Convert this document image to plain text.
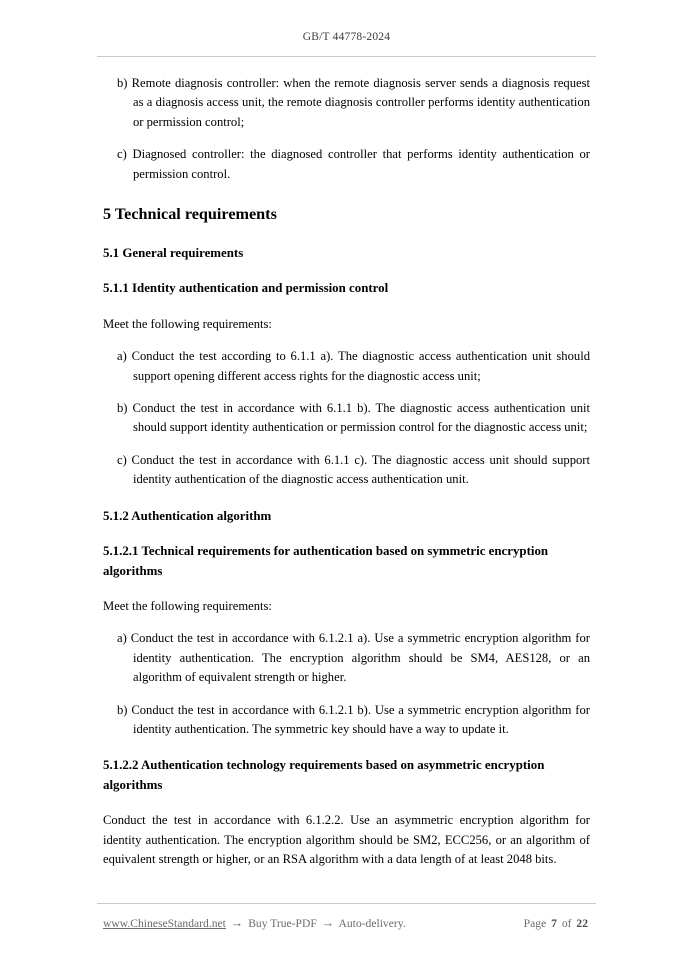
GB/T 44778-2024
b) Remote diagnosis controller: when the remote diagnosis server sends a diagnosis request as a diagnosis access unit, the remote diagnosis controller performs identity authentication or permission control;
c) Diagnosed controller: the diagnosed controller that performs identity authentication or permission control.
5 Technical requirements
5.1 General requirements
5.1.1 Identity authentication and permission control

Meet the following requirements:

a) Conduct the test according to 6.1.1 a). The diagnostic access authentication unit should support opening different access rights for the diagnostic access unit;
b) Conduct the test in accordance with 6.1.1 b). The diagnostic access authentication unit should support identity authentication or permission control for the diagnostic access unit;
c) Conduct the test in accordance with 6.1.1 c). The diagnostic access unit should support identity authentication of the diagnostic access authentication unit.
5.1.2 Authentication algorithm
5.1.2.1 Technical requirements for authentication based on symmetric encryption algorithms

Meet the following requirements:

a) Conduct the test in accordance with 6.1.2.1 a). Use a symmetric encryption algorithm for identity authentication. The encryption algorithm should be SM4, AES128, or an algorithm of equivalent strength or higher.
b) Conduct the test in accordance with 6.1.2.1 b). Use a symmetric encryption algorithm for identity authentication. The symmetric key should have a way to update it.
5.1.2.2 Authentication technology requirements based on asymmetric encryption algorithms

Conduct the test in accordance with 6.1.2.2. Use an asymmetric encryption algorithm for identity authentication. The encryption algorithm should be SM2, ECC256, or an algorithm of equivalent strength or higher, or an RSA algorithm with a data length of at least 2048 bits.

www.ChineseStandard.net → Buy True-PDF → Auto-delivery.	Page 7 of 22
